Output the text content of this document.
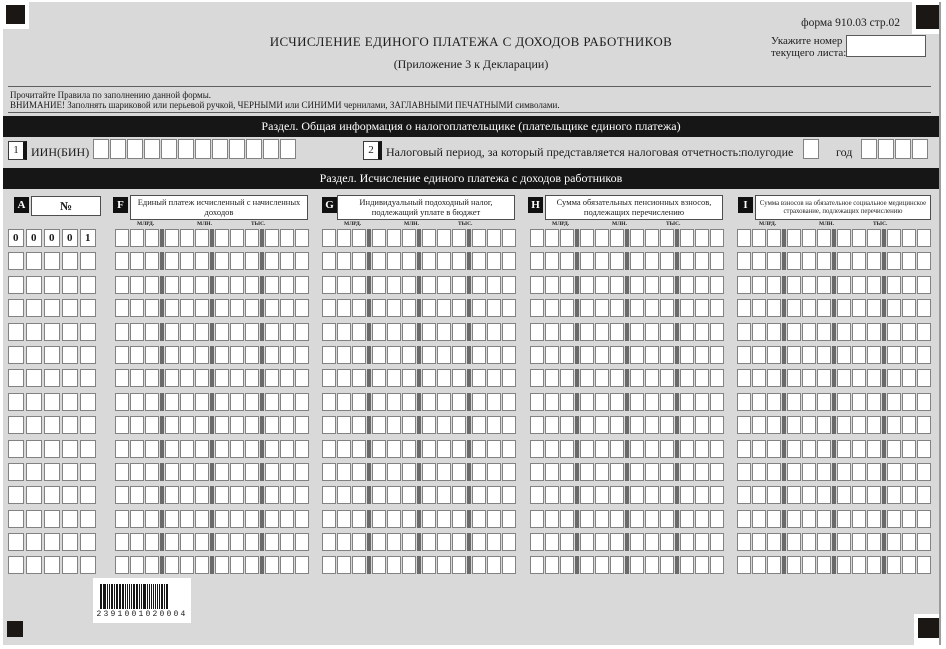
форма 910.03 стр.02
ИСЧИСЛЕНИЕ ЕДИНОГО ПЛАТЕЖА С ДОХОДОВ РАБОТНИКОВ
(Приложение 3 к Декларации)
Укажите номер
текущего листа:
Прочитайте Правила по заполнению данной формы.
ВНИМАНИЕ! Заполнять шариковой или перьевой ручкой, ЧЕРНЫМИ или СИНИМИ чернилами, ЗАГЛАВНЫМИ ПЕЧАТНЫМИ символами.
Раздел. Общая информация о налогоплательщике (плательщике единого платежа)
1	ИИН(БИН)	2	Налоговый период, за который представляется налоговая отчетность: полугодие	год
Раздел. Исчисление единого платежа с доходов работников
А	№	F	Единый платеж исчисленный с начисленных доходов
МЛРД.	МЛН.	ТЫС.
G	Индивидуальный подоходный налог, подлежащий уплате в бюджет
МЛРД.	МЛН.	ТЫС.
Н	Сумма обязательных пенсионных взносов, подлежащих перечислению
МЛРД.	МЛН.	ТЫС.
I	Сумма взносов на обязательное социальное медицинское страхование, подлежащих перечислению
МЛРД.	МЛН.	ТЫС.
0	0	0	0	1
2391001020004
